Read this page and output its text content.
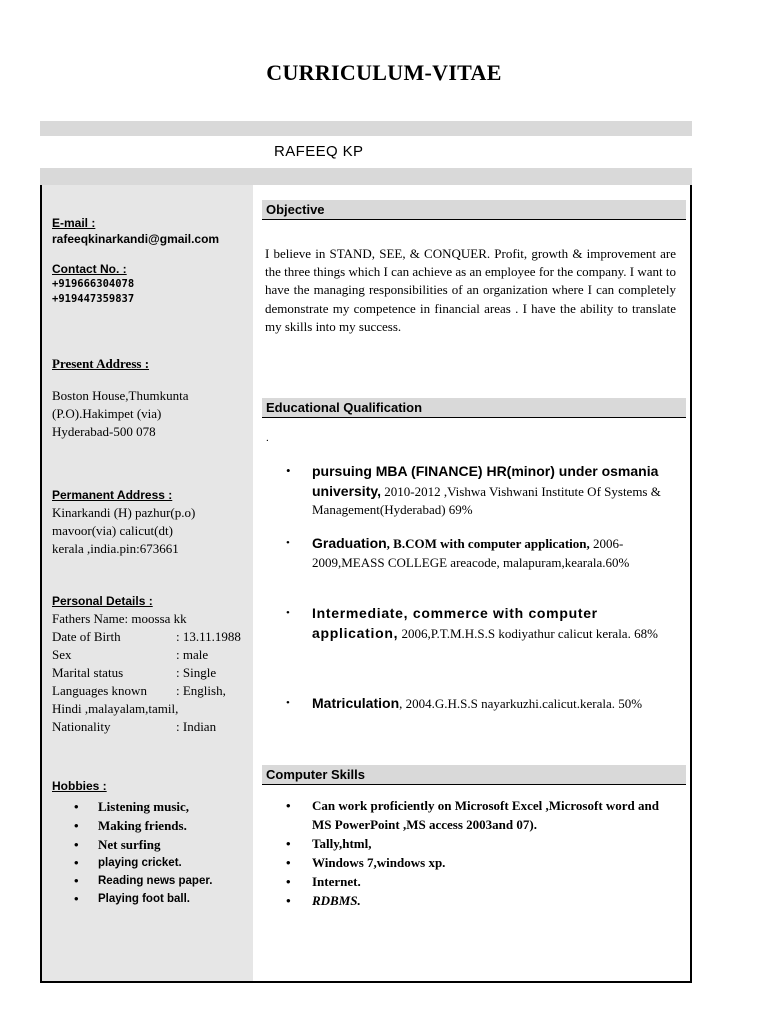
CURRICULUM-VITAE
RAFEEQ KP
E-mail :
rafeeqkinarkandi@gmail.com
Contact No. :
+919666304078
+919447359837
Present Address :
Boston House,Thumkunta
(P.O).Hakimpet (via)
Hyderabad-500 078
Permanent Address :
Kinarkandi (H) pazhur(p.o)
mavoor(via) calicut(dt)
kerala ,india.pin:673661
Personal Details :
Fathers Name: moossa kk
Date of Birth	: 13.11.1988
Sex	: male
Marital status	: Single
Languages known	: English,
Hindi ,malayalam,tamil,
Nationality	: Indian
Hobbies :
• Listening music,
• Making friends.
• Net surfing
• playing cricket.
• Reading news paper.
• Playing foot ball.
Objective
I believe in STAND, SEE, & CONQUER. Profit, growth & improvement are the three things which I can achieve as an employee for the company. I want to have the managing responsibilities of an organization where I can completely demonstrate my competence in financial areas . I have the ability to translate my skills into my success.
Educational Qualification
.
•	pursuing MBA (FINANCE) HR(minor) under osmania university, 2010-2012 ,Vishwa Vishwani Institute Of Systems & Management(Hyderabad) 69%
•	Graduation, B.COM with computer application, 2006-2009,MEASS COLLEGE areacode, malapuram,kearala.60%
•	Intermediate, commerce with computer application, 2006,P.T.M.H.S.S kodiyathur calicut kerala. 68%
•	Matriculation, 2004.G.H.S.S nayarkuzhi.calicut.kerala. 50%
Computer Skills
• Can work proficiently on Microsoft Excel ,Microsoft word and MS PowerPoint ,MS access 2003and 07).
• Tally,html,
• Windows 7,windows xp.
• Internet.
• RDBMS.
